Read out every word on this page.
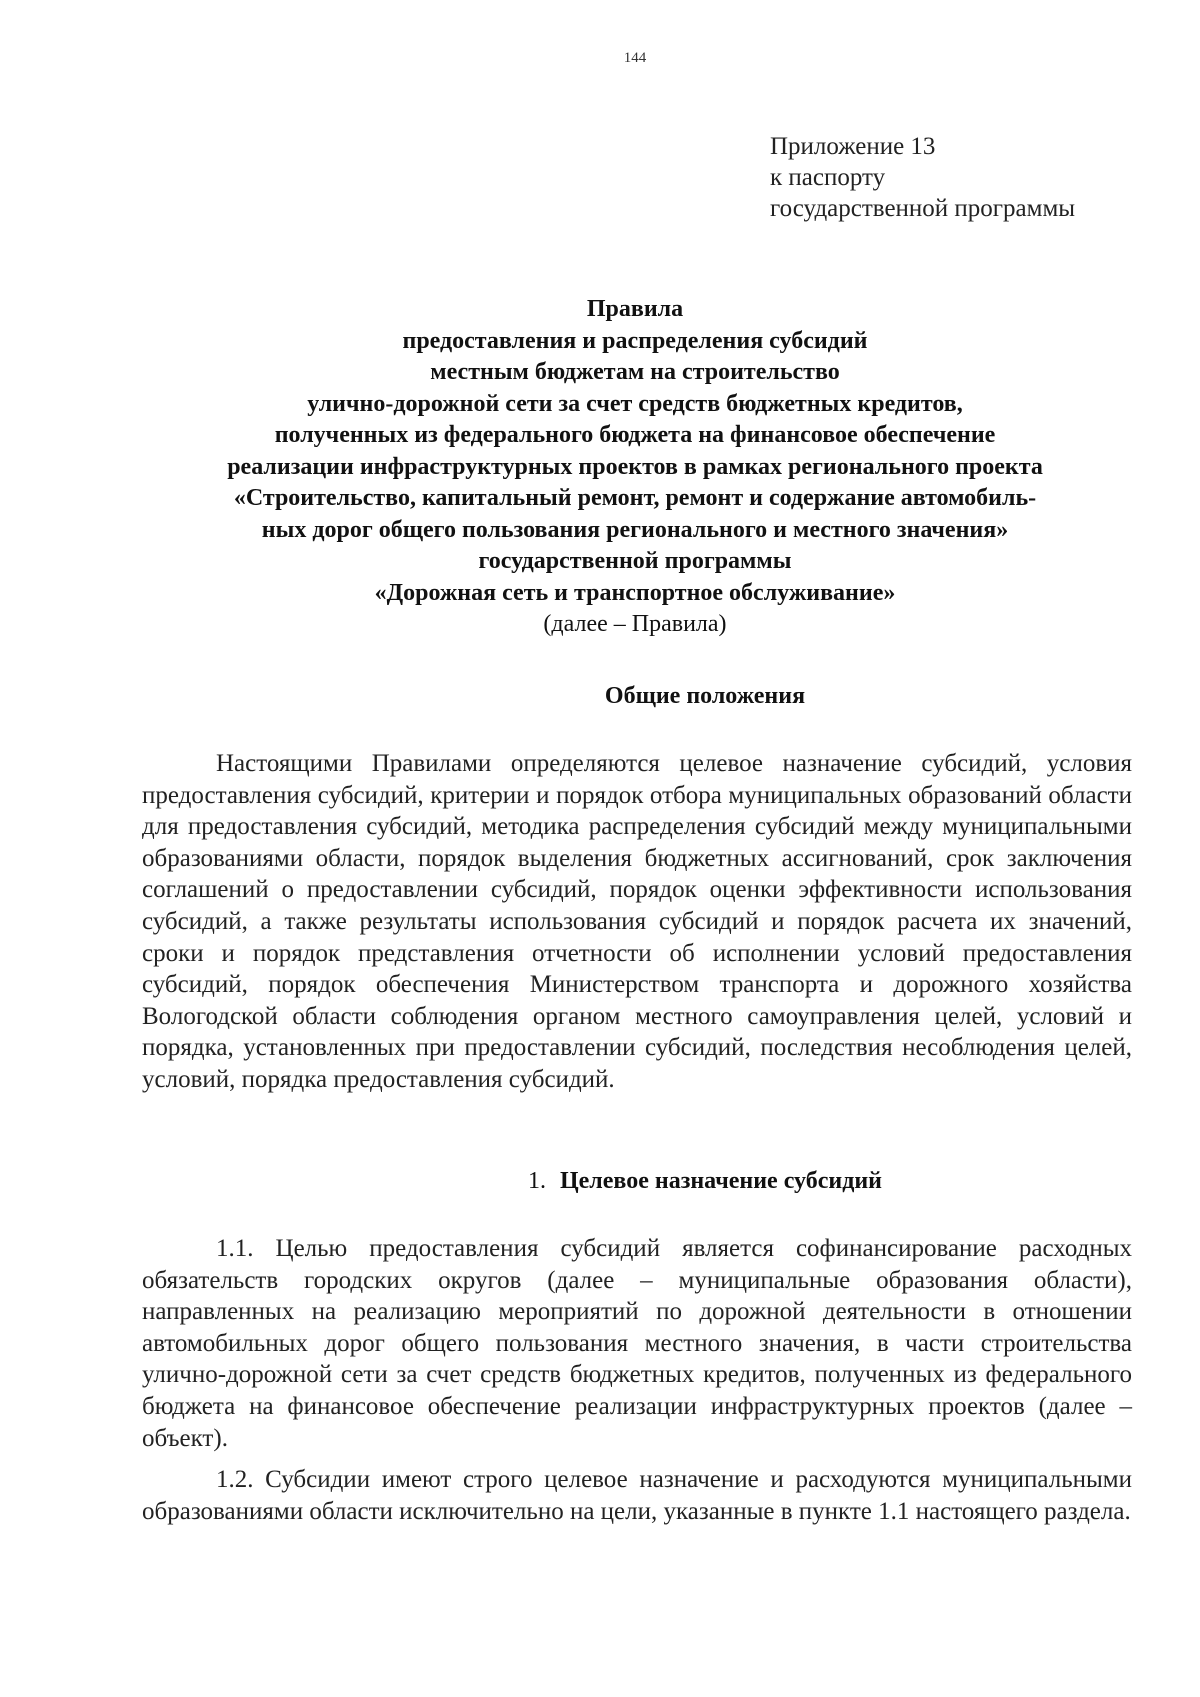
144
Приложение 13
к паспорту
государственной программы
Правила
предоставления и распределения субсидий
местным бюджетам на строительство
улично-дорожной сети за счет средств бюджетных кредитов,
полученных из федерального бюджета на финансовое обеспечение
реализации инфраструктурных проектов в рамках регионального проекта
«Строительство, капитальный ремонт, ремонт и содержание автомобиль-
ных дорог общего пользования регионального и местного значения»
государственной программы
«Дорожная сеть и транспортное обслуживание»
(далее – Правила)
Общие положения

Настоящими Правилами определяются целевое назначение субсидий, условия предоставления субсидий, критерии и порядок отбора муниципальных образований области для предоставления субсидий, методика распределения субсидий между муниципальными образованиями области, порядок выделения бюджетных ассигнований, срок заключения соглашений о предоставлении субсидий, порядок оценки эффективности использования субсидий, а также результаты использования субсидий и порядок расчета их значений, сроки и порядок представления отчетности об исполнении условий предоставления субсидий, порядок обеспечения Министерством транспорта и дорожного хозяйства Вологодской области соблюдения органом местного самоуправления целей, условий и порядка, установленных при предоставлении субсидий, последствия несоблюдения целей, условий, порядка предоставления субсидий.

1. Целевое назначение субсидий

1.1. Целью предоставления субсидий является софинансирование расходных обязательств городских округов (далее – муниципальные образования области), направленных на реализацию мероприятий по дорожной деятельности в отношении автомобильных дорог общего пользования местного значения, в части строительства улично-дорожной сети за счет средств бюджетных кредитов, полученных из федерального бюджета на финансовое обеспечение реализации инфраструктурных проектов (далее – объект).

1.2. Субсидии имеют строго целевое назначение и расходуются муниципальными образованиями области исключительно на цели, указанные в пункте 1.1 настоящего раздела.
